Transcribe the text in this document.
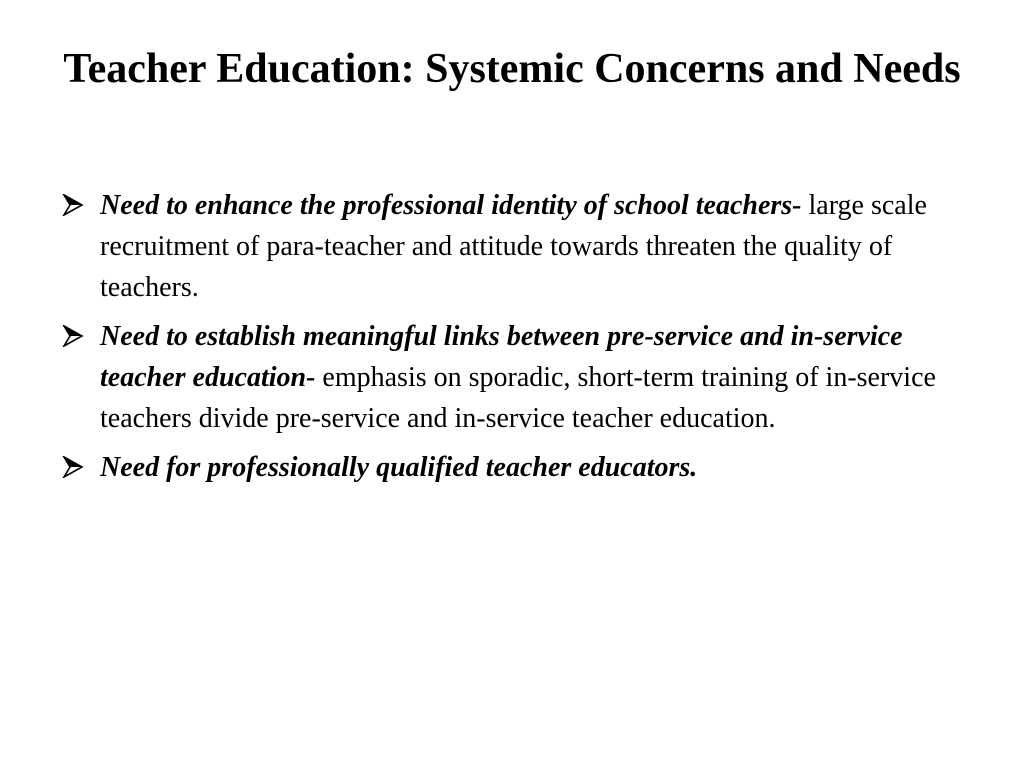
Teacher Education: Systemic Concerns and Needs
Need to enhance the professional identity of school teachers- large scale recruitment of para-teacher and attitude towards threaten the quality of teachers.
Need to establish meaningful links between pre-service and in-service teacher education- emphasis on sporadic, short-term training of in-service teachers divide pre-service and in-service teacher education.
Need for professionally qualified teacher educators.
